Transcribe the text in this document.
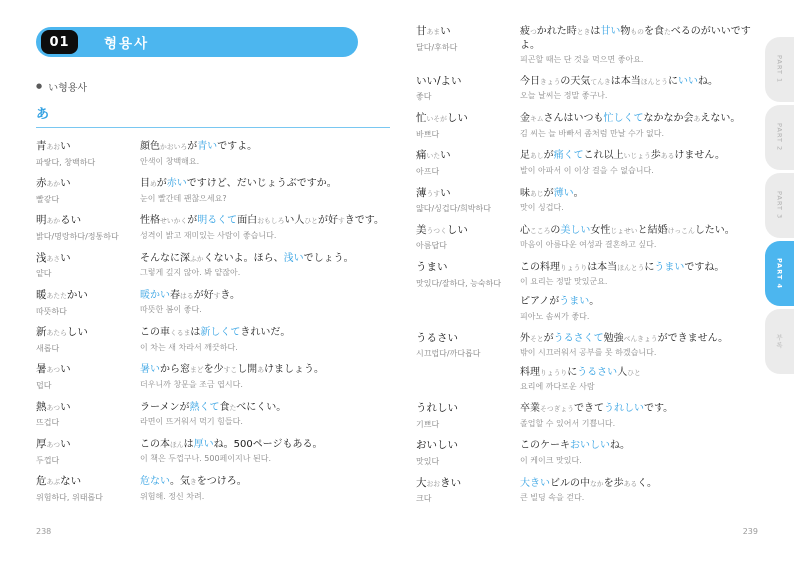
01	형용사
● い형용사
あ
青あおい
파랗다, 창백하다
顔色かおいろが青いですよ。
안색이 창백해요.
赤あかい
빨갛다
目めが赤いですけど、だいじょうぶですか。
눈이 빨간데 괜찮으세요?
明あかるい
밝다/명랑하다/정통하다
性格せいかくが明るくて面白おもしろい人ひとが好すきです。
성격이 밝고 재미있는 사람이 좋습니다.
浅あさい
얕다
そんなに深ふかくないよ。ほら、浅いでしょう。
그렇게 깊지 않아. 봐 얕잖아.
暖あたたかい
따뜻하다
暖かい春はるが好すき。
따뜻한 봄이 좋다.
新あたらしい
새롭다
この車くるまは新しくてきれいだ。
이 차는 새 차라서 깨끗하다.
暑あつい
덥다
暑いから窓まどを少すこし開あけましょう。
더우니까 창문을 조금 엽시다.
熱あつい
뜨겁다
ラーメンが熱くて食たべにくい。
라면이 뜨거워서 먹기 힘들다.
厚あつい
두껍다
この本ほんは厚いね。500ページもある。
이 책은 두껍구나. 500페이지나 된다.
危あぶない
위험하다, 위태롭다
危ない。気きをつけろ。
위험해. 정신 차려.
甘あまい
달다/후하다
疲つかれた時ときは甘い物ものを食たべるのがいいですよ。
피곤할 때는 단 것을 먹으면 좋아요.
いい/よい
좋다
今日きょうの天気てんきは本当ほんとうにいいね。
오늘 날씨는 정말 좋구나.
忙いそがしい
바쁘다
金キムさんはいつも忙しくてなかなか会あえない。
김 씨는 늘 바빠서 좀처럼 만날 수가 없다.
痛いたい
아프다
足あしが痛くてこれ以上いじょう歩あるけません。
발이 아파서 이 이상 걸을 수 없습니다.
薄うすい
얇다/싱겁다/희박하다
味あじが薄い。
맛이 싱겁다.
美うつくしい
아름답다
心こころの美しい女性じょせいと結婚けっこんしたい。
마음이 아름다운 여성과 결혼하고 싶다.
うまい
맛있다/잘하다, 능숙하다
この料理りょうりは本当ほんとうにうまいですね。
이 요리는 정말 맛있군요.
ピアノがうまい。
피아노 솜씨가 좋다.
うるさい
시끄럽다/까다롭다
外そとがうるさくて勉強べんきょうができません。
밖이 시끄러워서 공부를 못 하겠습니다.
料理りょうりにうるさい人ひと
요리에 까다로운 사람
うれしい
기쁘다
卒業そつぎょうできてうれしいです。
졸업할 수 있어서 기쁩니다.
おいしい
맛있다
このケーキおいしいね。
이 케이크 맛있다.
大おおきい
크다
大きいビルの中なかを歩あるく。
큰 빌딩 속을 걷다.
238	239
PART 1
PART 2
PART 3
PART 4
부록
